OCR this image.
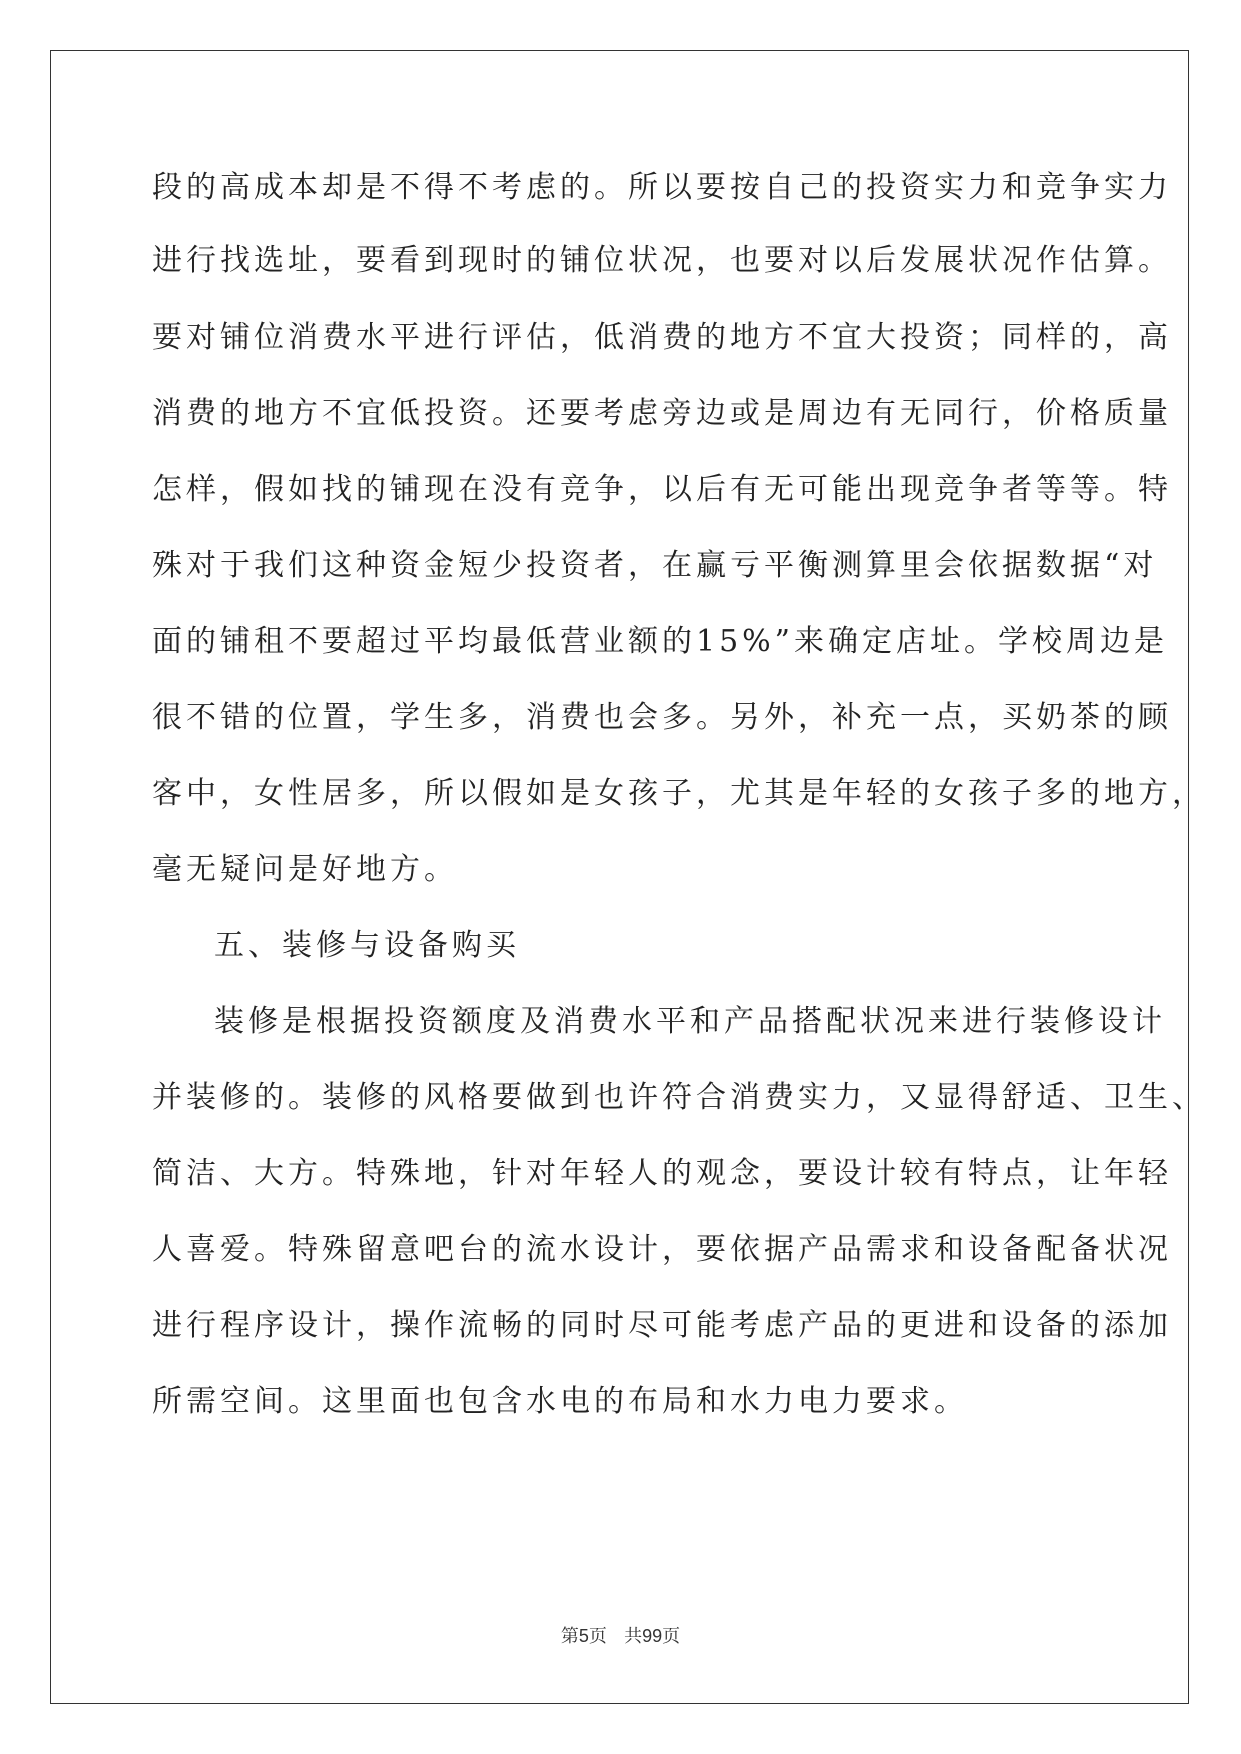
段的高成本却是不得不考虑的。所以要按自己的投资实力和竞争实力
进行找选址，要看到现时的铺位状况，也要对以后发展状况作估算。
要对铺位消费水平进行评估，低消费的地方不宜大投资；同样的，高
消费的地方不宜低投资。还要考虑旁边或是周边有无同行，价格质量
怎样，假如找的铺现在没有竞争，以后有无可能出现竞争者等等。特
殊对于我们这种资金短少投资者，在赢亏平衡测算里会依据数据“对
面的铺租不要超过平均最低营业额的15%”来确定店址。学校周边是
很不错的位置，学生多，消费也会多。另外，补充一点，买奶茶的顾
客中，女性居多，所以假如是女孩子，尤其是年轻的女孩子多的地方，
毫无疑问是好地方。
五、装修与设备购买
装修是根据投资额度及消费水平和产品搭配状况来进行装修设计
并装修的。装修的风格要做到也许符合消费实力，又显得舒适、卫生、
简洁、大方。特殊地，针对年轻人的观念，要设计较有特点，让年轻
人喜爱。特殊留意吧台的流水设计，要依据产品需求和设备配备状况
进行程序设计，操作流畅的同时尽可能考虑产品的更进和设备的添加
所需空间。这里面也包含水电的布局和水力电力要求。
第5页 共99页
